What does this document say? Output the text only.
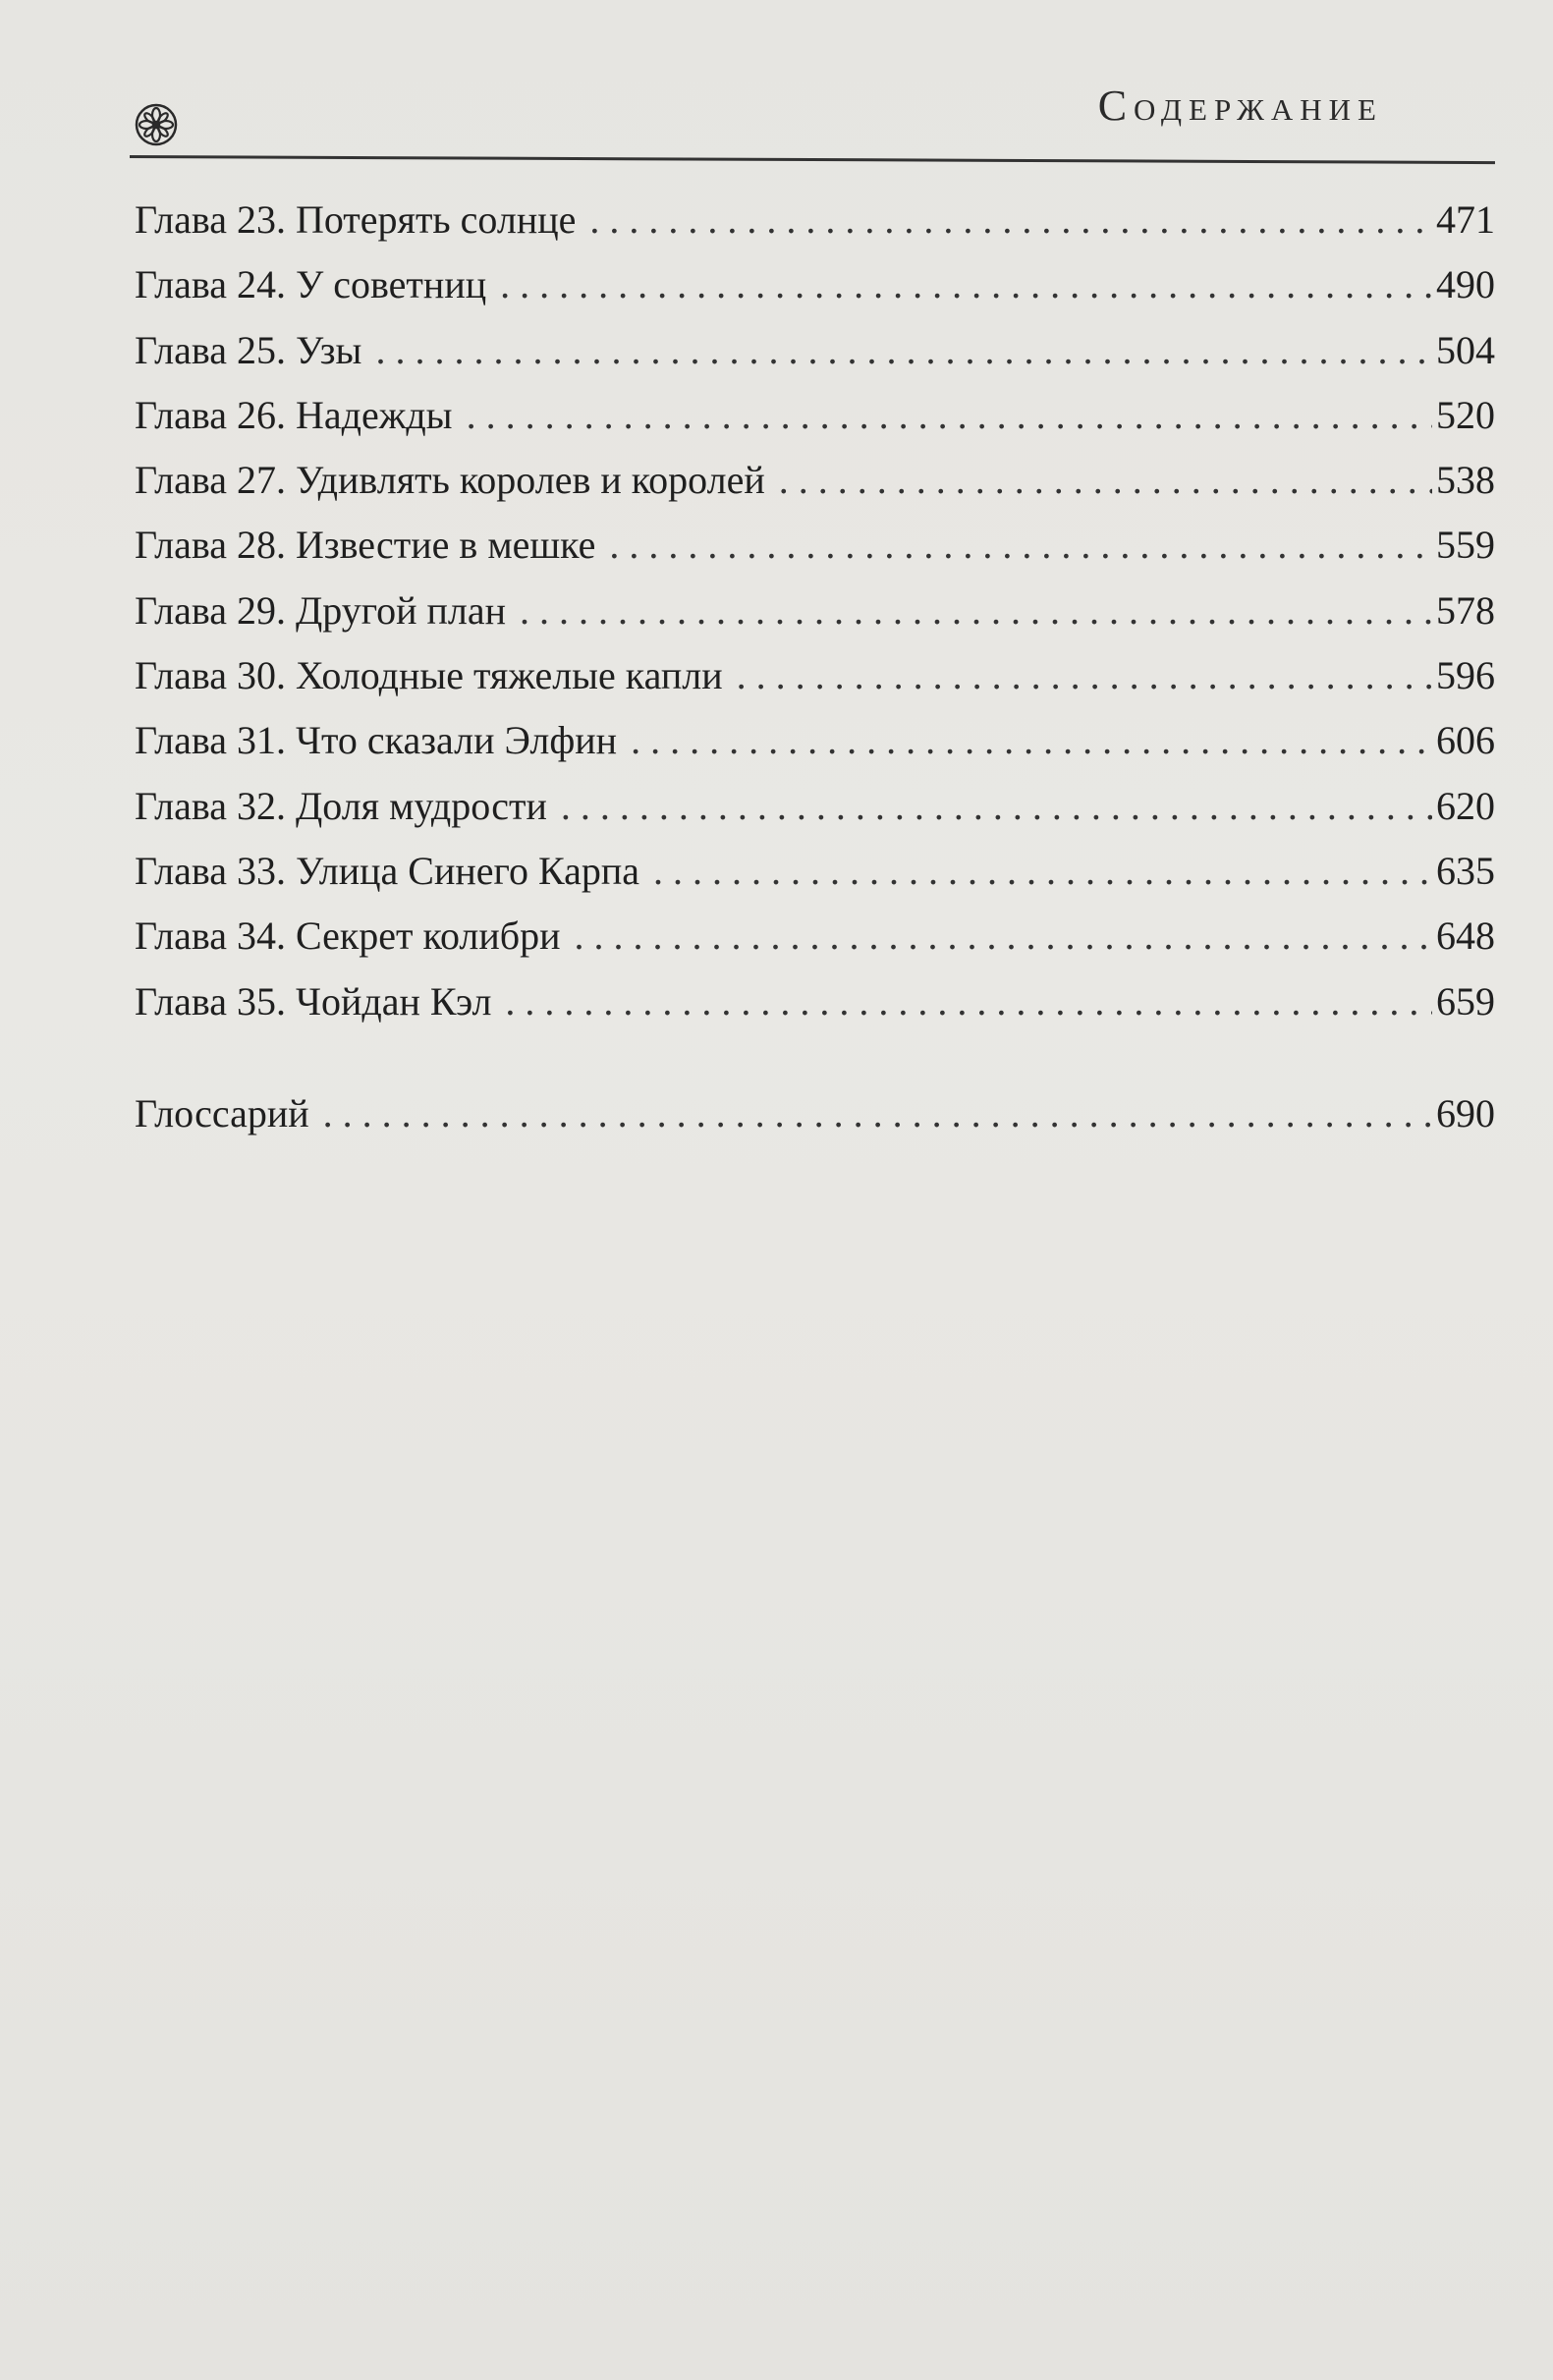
Содержание
Глава 23. Потерять солнце . . .	471
Глава 24. У советниц . . .	490
Глава 25. Узы . . .	504
Глава 26. Надежды . . .	520
Глава 27. Удивлять королев и королей . . .	538
Глава 28. Известие в мешке . . .	559
Глава 29. Другой план . . .	578
Глава 30. Холодные тяжелые капли . . .	596
Глава 31. Что сказали Элфин . . .	606
Глава 32. Доля мудрости . . .	620
Глава 33. Улица Синего Карпа . . .	635
Глава 34. Секрет колибри . . .	648
Глава 35. Чойдан Кэл . . .	659
Глоссарий . . .	690
